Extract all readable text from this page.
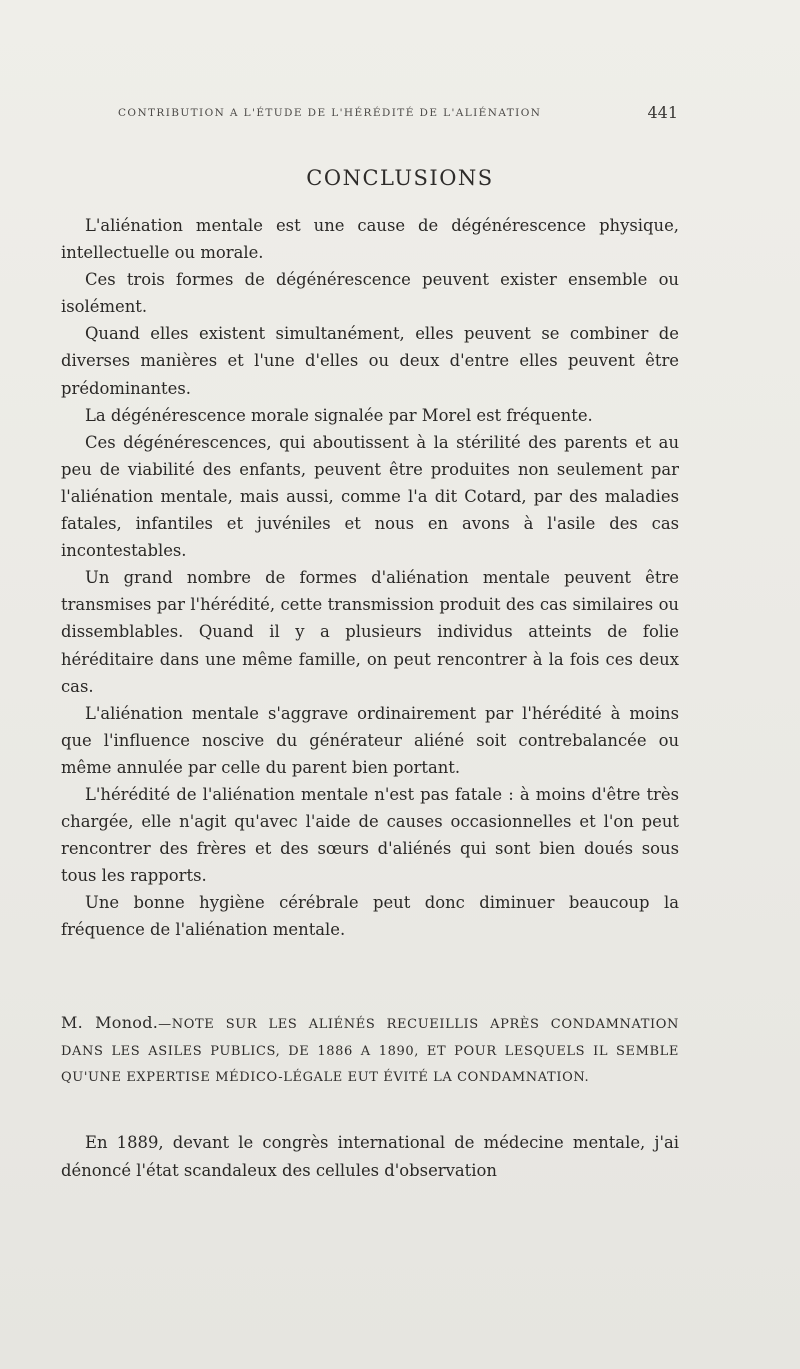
CONTRIBUTION A L'ÉTUDE DE L'HÉRÉDITÉ DE L'ALIÉNATION	441
CONCLUSIONS

L'aliénation mentale est une cause de dégénérescence physique, intellectuelle ou morale.

Ces trois formes de dégénérescence peuvent exister ensemble ou isolément.

Quand elles existent simultanément, elles peuvent se combiner de diverses manières et l'une d'elles ou deux d'entre elles peuvent être prédominantes.

La dégénérescence morale signalée par Morel est fréquente.

Ces dégénérescences, qui aboutissent à la stérilité des parents et au peu de viabilité des enfants, peuvent être produites non seulement par l'aliénation mentale, mais aussi, comme l'a dit Cotard, par des maladies fatales, infantiles et juvéniles et nous en avons à l'asile des cas incontestables.

Un grand nombre de formes d'aliénation mentale peuvent être transmises par l'hérédité, cette transmission produit des cas similaires ou dissemblables. Quand il y a plusieurs individus atteints de folie héréditaire dans une même famille, on peut rencontrer à la fois ces deux cas.

L'aliénation mentale s'aggrave ordinairement par l'hérédité à moins que l'influence noscive du générateur aliéné soit contrebalancée ou même annulée par celle du parent bien portant.

L'hérédité de l'aliénation mentale n'est pas fatale : à moins d'être très chargée, elle n'agit qu'avec l'aide de causes occasionnelles et l'on peut rencontrer des frères et des sœurs d'aliénés qui sont bien doués sous tous les rapports.

Une bonne hygiène cérébrale peut donc diminuer beaucoup la fréquence de l'aliénation mentale.

M. Monod.—NOTE SUR LES ALIÉNÉS RECUEILLIS APRÈS CONDAMNATION DANS LES ASILES PUBLICS, DE 1886 A 1890, ET POUR LESQUELS IL SEMBLE QU'UNE EXPERTISE MÉDICO-LÉGALE EUT ÉVITÉ LA CONDAMNATION.

En 1889, devant le congrès international de médecine mentale, j'ai dénoncé l'état scandaleux des cellules d'observation
